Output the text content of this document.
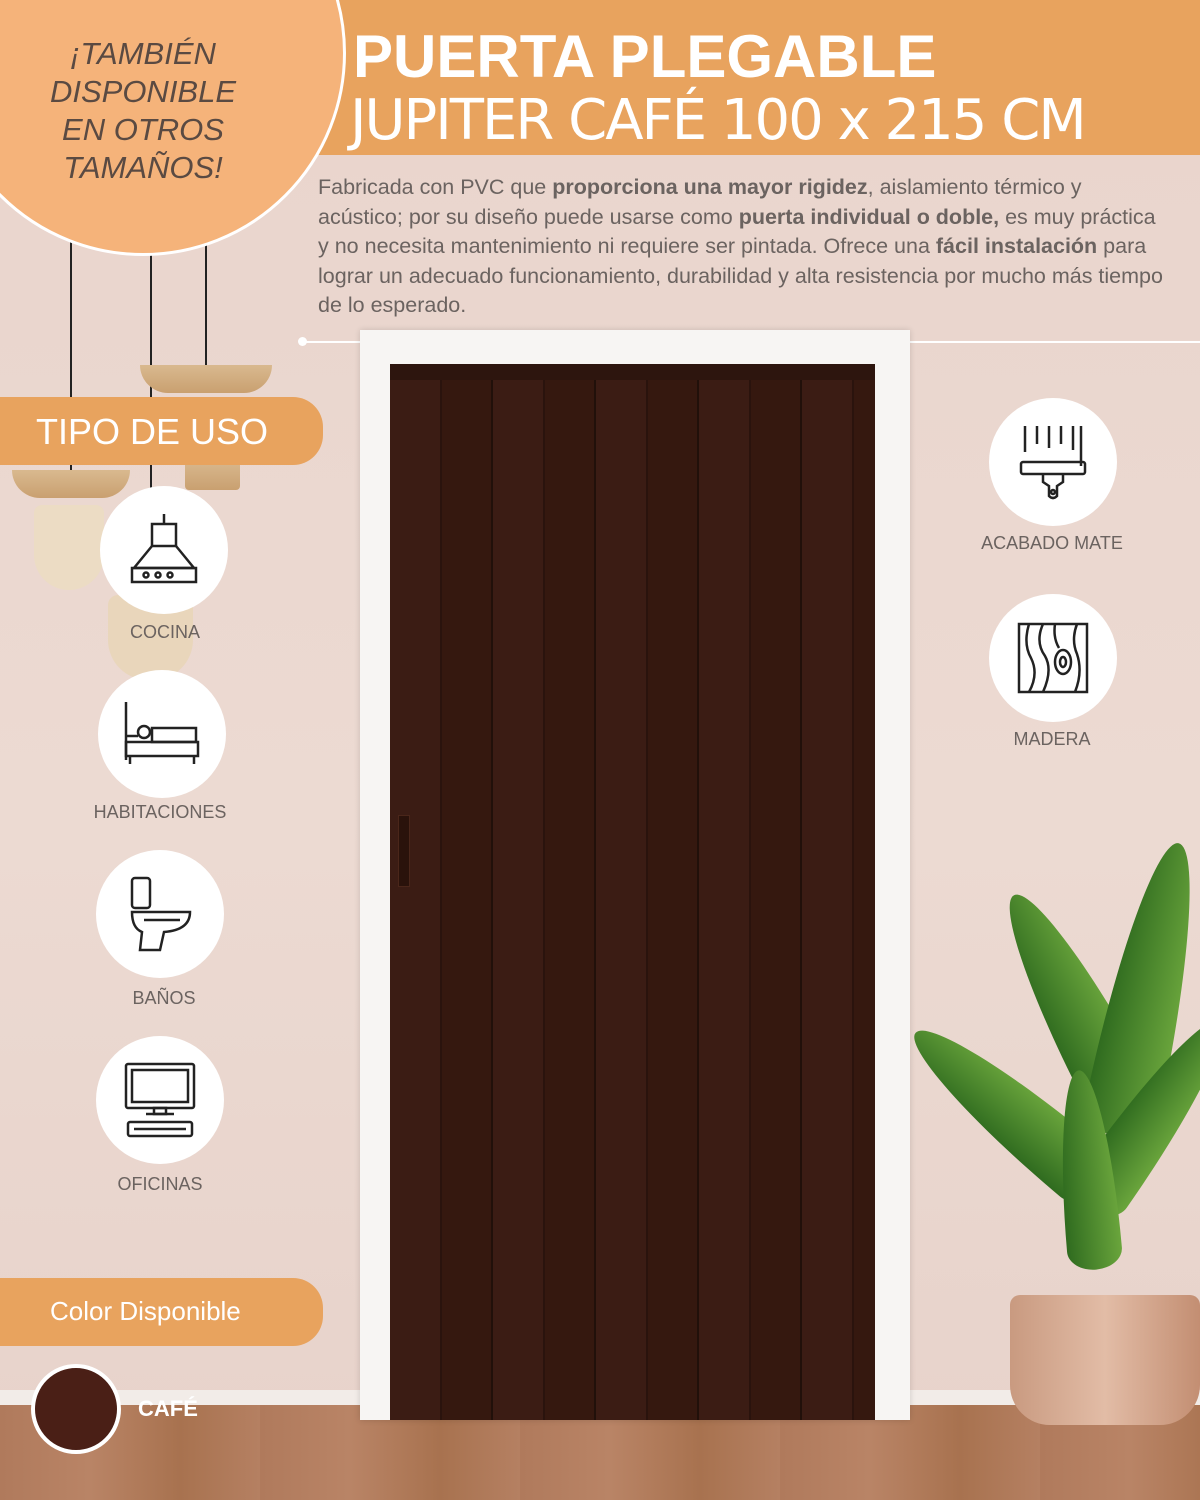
PUERTA PLEGABLE
JUPITER CAFÉ 100 x 215 CM
¡TAMBIÉN DISPONIBLE EN OTROS TAMAÑOS!
Fabricada con PVC que proporciona una mayor rigidez, aislamiento térmico y acústico; por su diseño puede usarse como puerta individual o doble, es muy práctica y no necesita mantenimiento ni requiere ser pintada. Ofrece una fácil instalación para lograr un adecuado funcionamiento, durabilidad y alta resistencia por mucho más tiempo de lo esperado.
TIPO DE USO
COCINA
HABITACIONES
BAÑOS
OFICINAS
ACABADO MATE
MADERA
Color Disponible
CAFÉ
